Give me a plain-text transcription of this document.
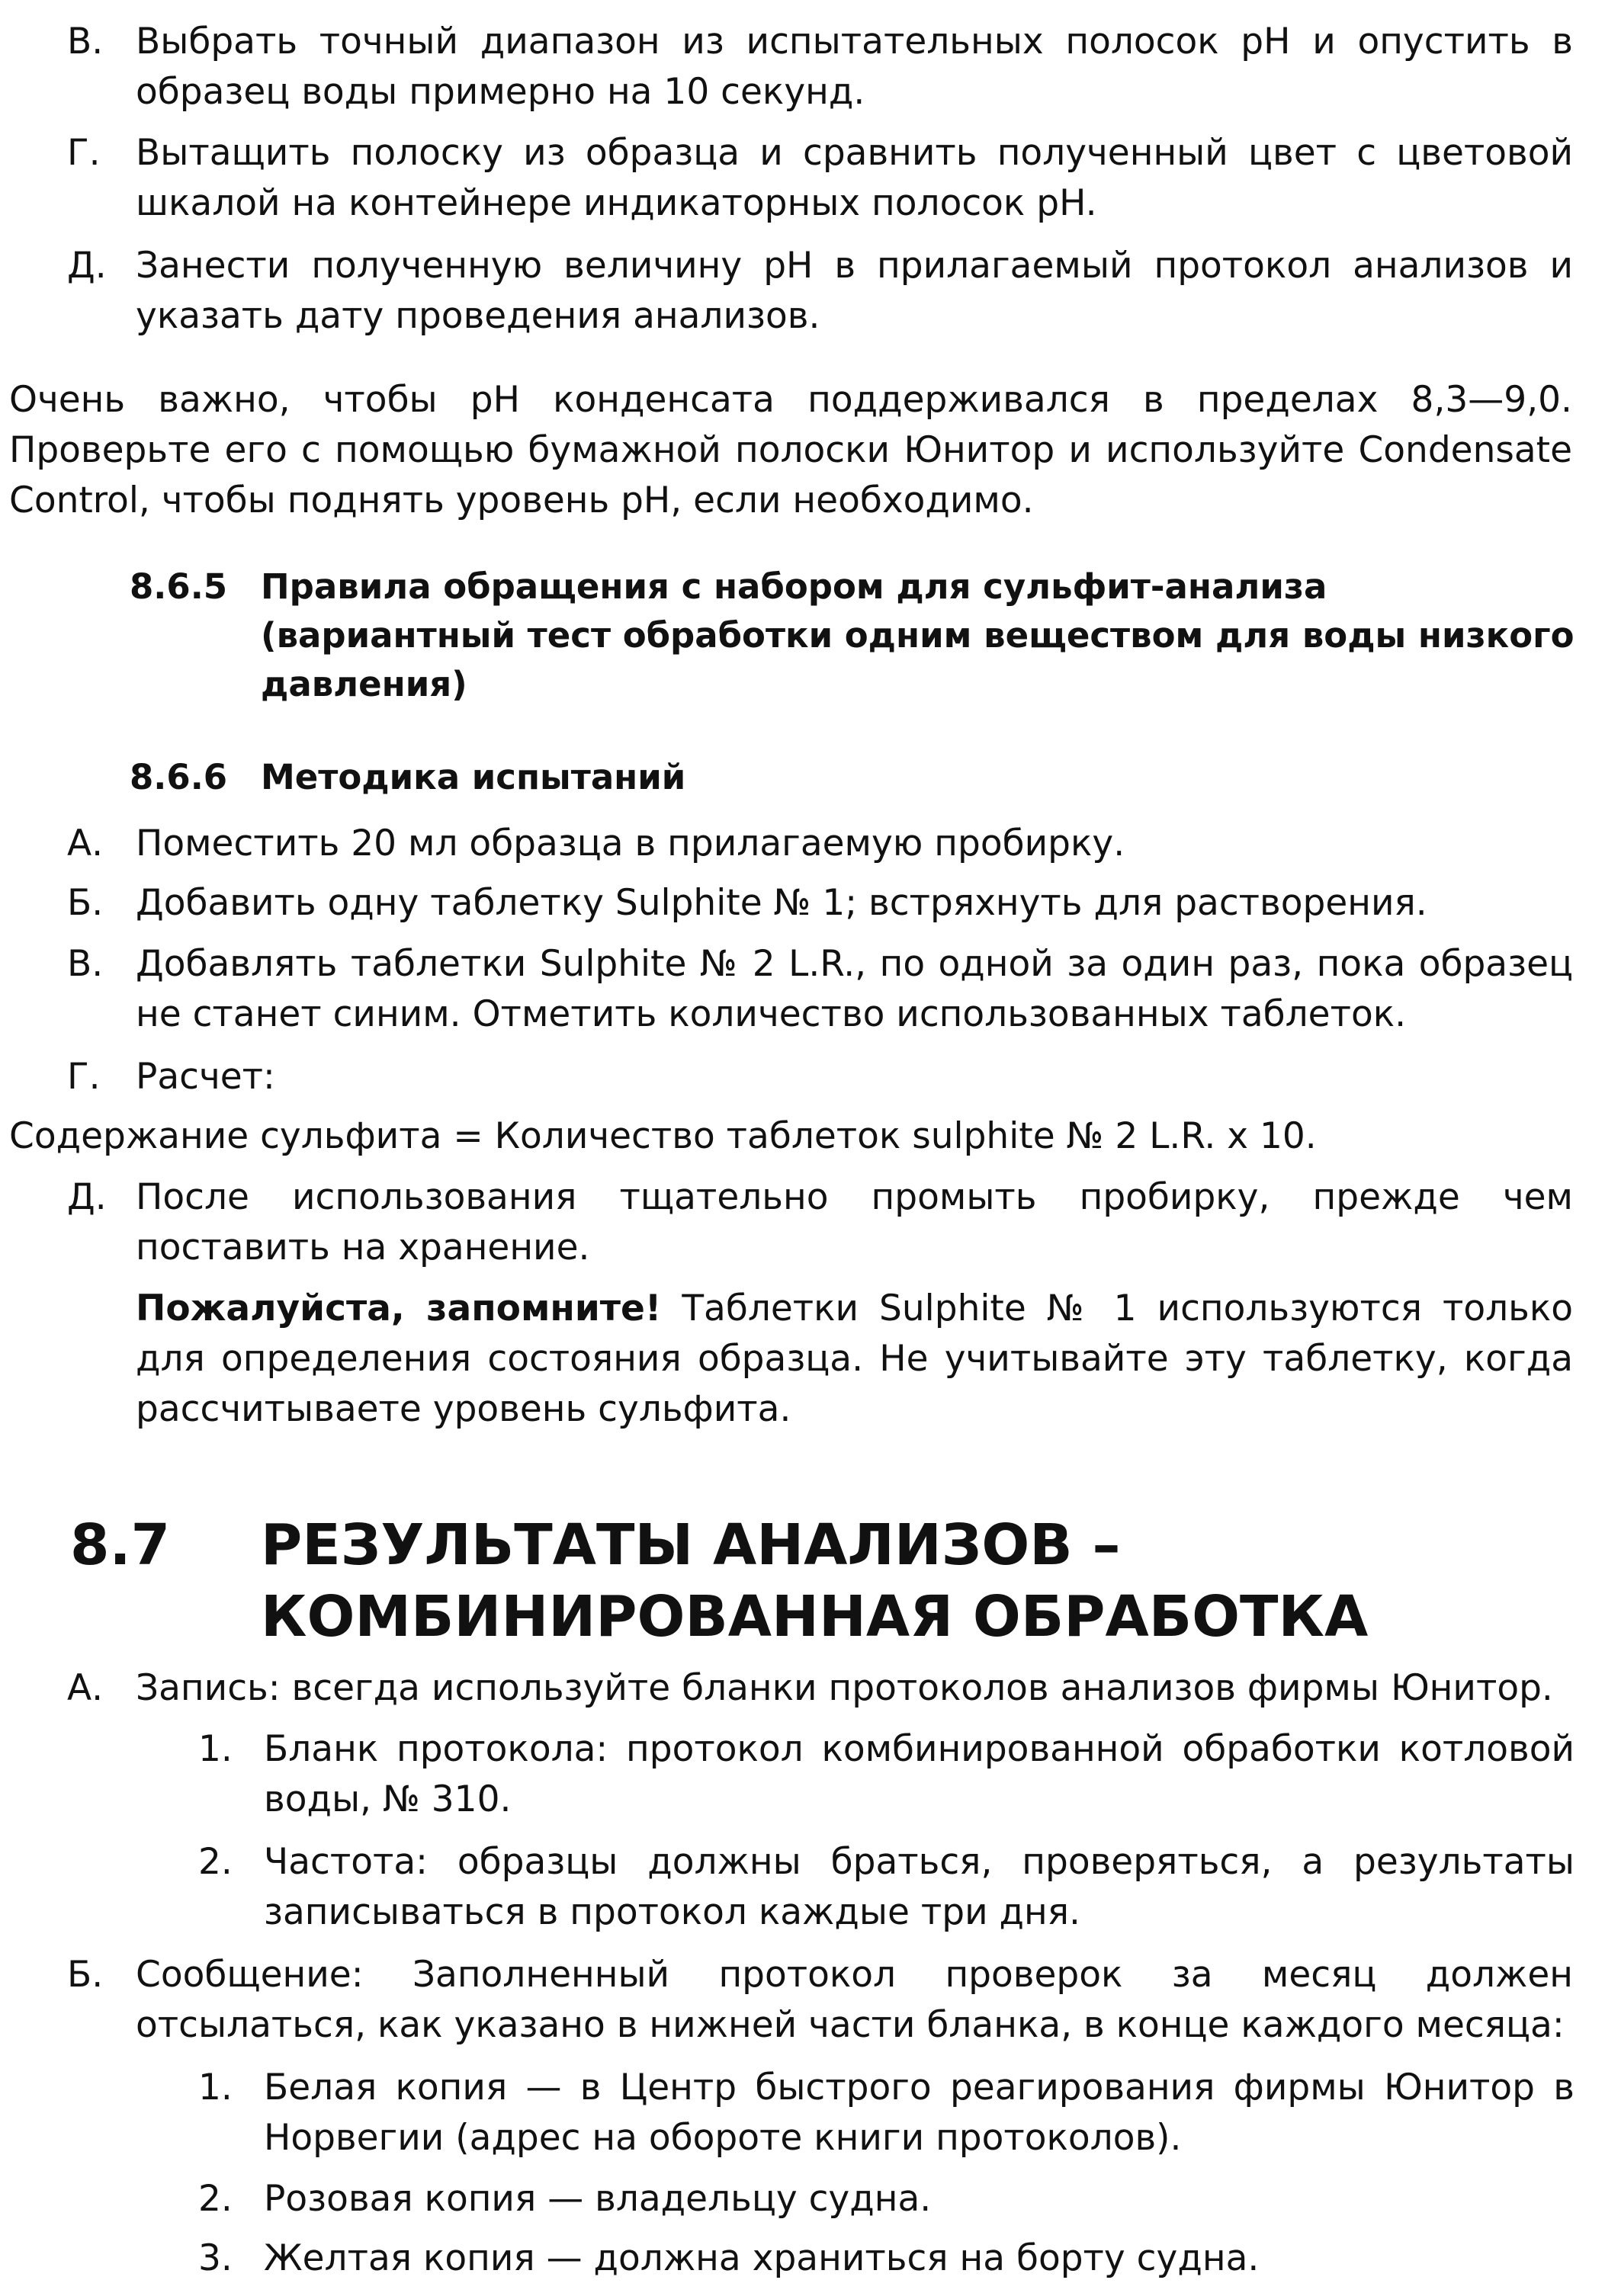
В. Выбрать точный диапазон из испытательных полосок pH и опустить в образец воды примерно на 10 секунд.
Г. Вытащить полоску из образца и сравнить полученный цвет с цветовой шкалой на контейнере индикаторных полосок pH.
Д. Занести полученную величину pH в прилагаемый протокол анализов и указать дату проведения анализов.
Очень важно, чтобы pH конденсата поддерживался в пределах 8,3—9,0. Проверьте его с помощью бумажной полоски Юнитор и используйте Condensate Control, чтобы поднять уровень pH, если необходимо.
8.6.5 Правила обращения с набором для сульфит-анализа (вариантный тест обработки одним веществом для воды низкого давления)
8.6.6 Методика испытаний
А. Поместить 20 мл образца в прилагаемую пробирку.
Б. Добавить одну таблетку Sulphite № 1; встряхнуть для растворения.
В. Добавлять таблетки Sulphite № 2 L.R., по одной за один раз, пока образец не станет синим. Отметить количество использованных таблеток.
Г. Расчет:
Содержание сульфита = Количество таблеток sulphite № 2 L.R. x 10.
Д. После использования тщательно промыть пробирку, прежде чем поставить на хранение.
Пожалуйста, запомните! Таблетки Sulphite № 1 используются только для определения состояния образца. Не учитывайте эту таблетку, когда рассчитываете уровень сульфита.
8.7	РЕЗУЛЬТАТЫ АНАЛИЗОВ –
КОМБИНИРОВАННАЯ ОБРАБОТКА
А. Запись: всегда используйте бланки протоколов анализов фирмы Юнитор.
1. Бланк протокола: протокол комбинированной обработки котловой воды, № 310.
2. Частота: образцы должны браться, проверяться, а результаты записываться в протокол каждые три дня.
Б. Сообщение: Заполненный протокол проверок за месяц должен отсылаться, как указано в нижней части бланка, в конце каждого месяца:
1. Белая копия — в Центр быстрого реагирования фирмы Юнитор в Норвегии (адрес на обороте книги протоколов).
2. Розовая копия — владельцу судна.
3. Желтая копия — должна храниться на борту судна.
